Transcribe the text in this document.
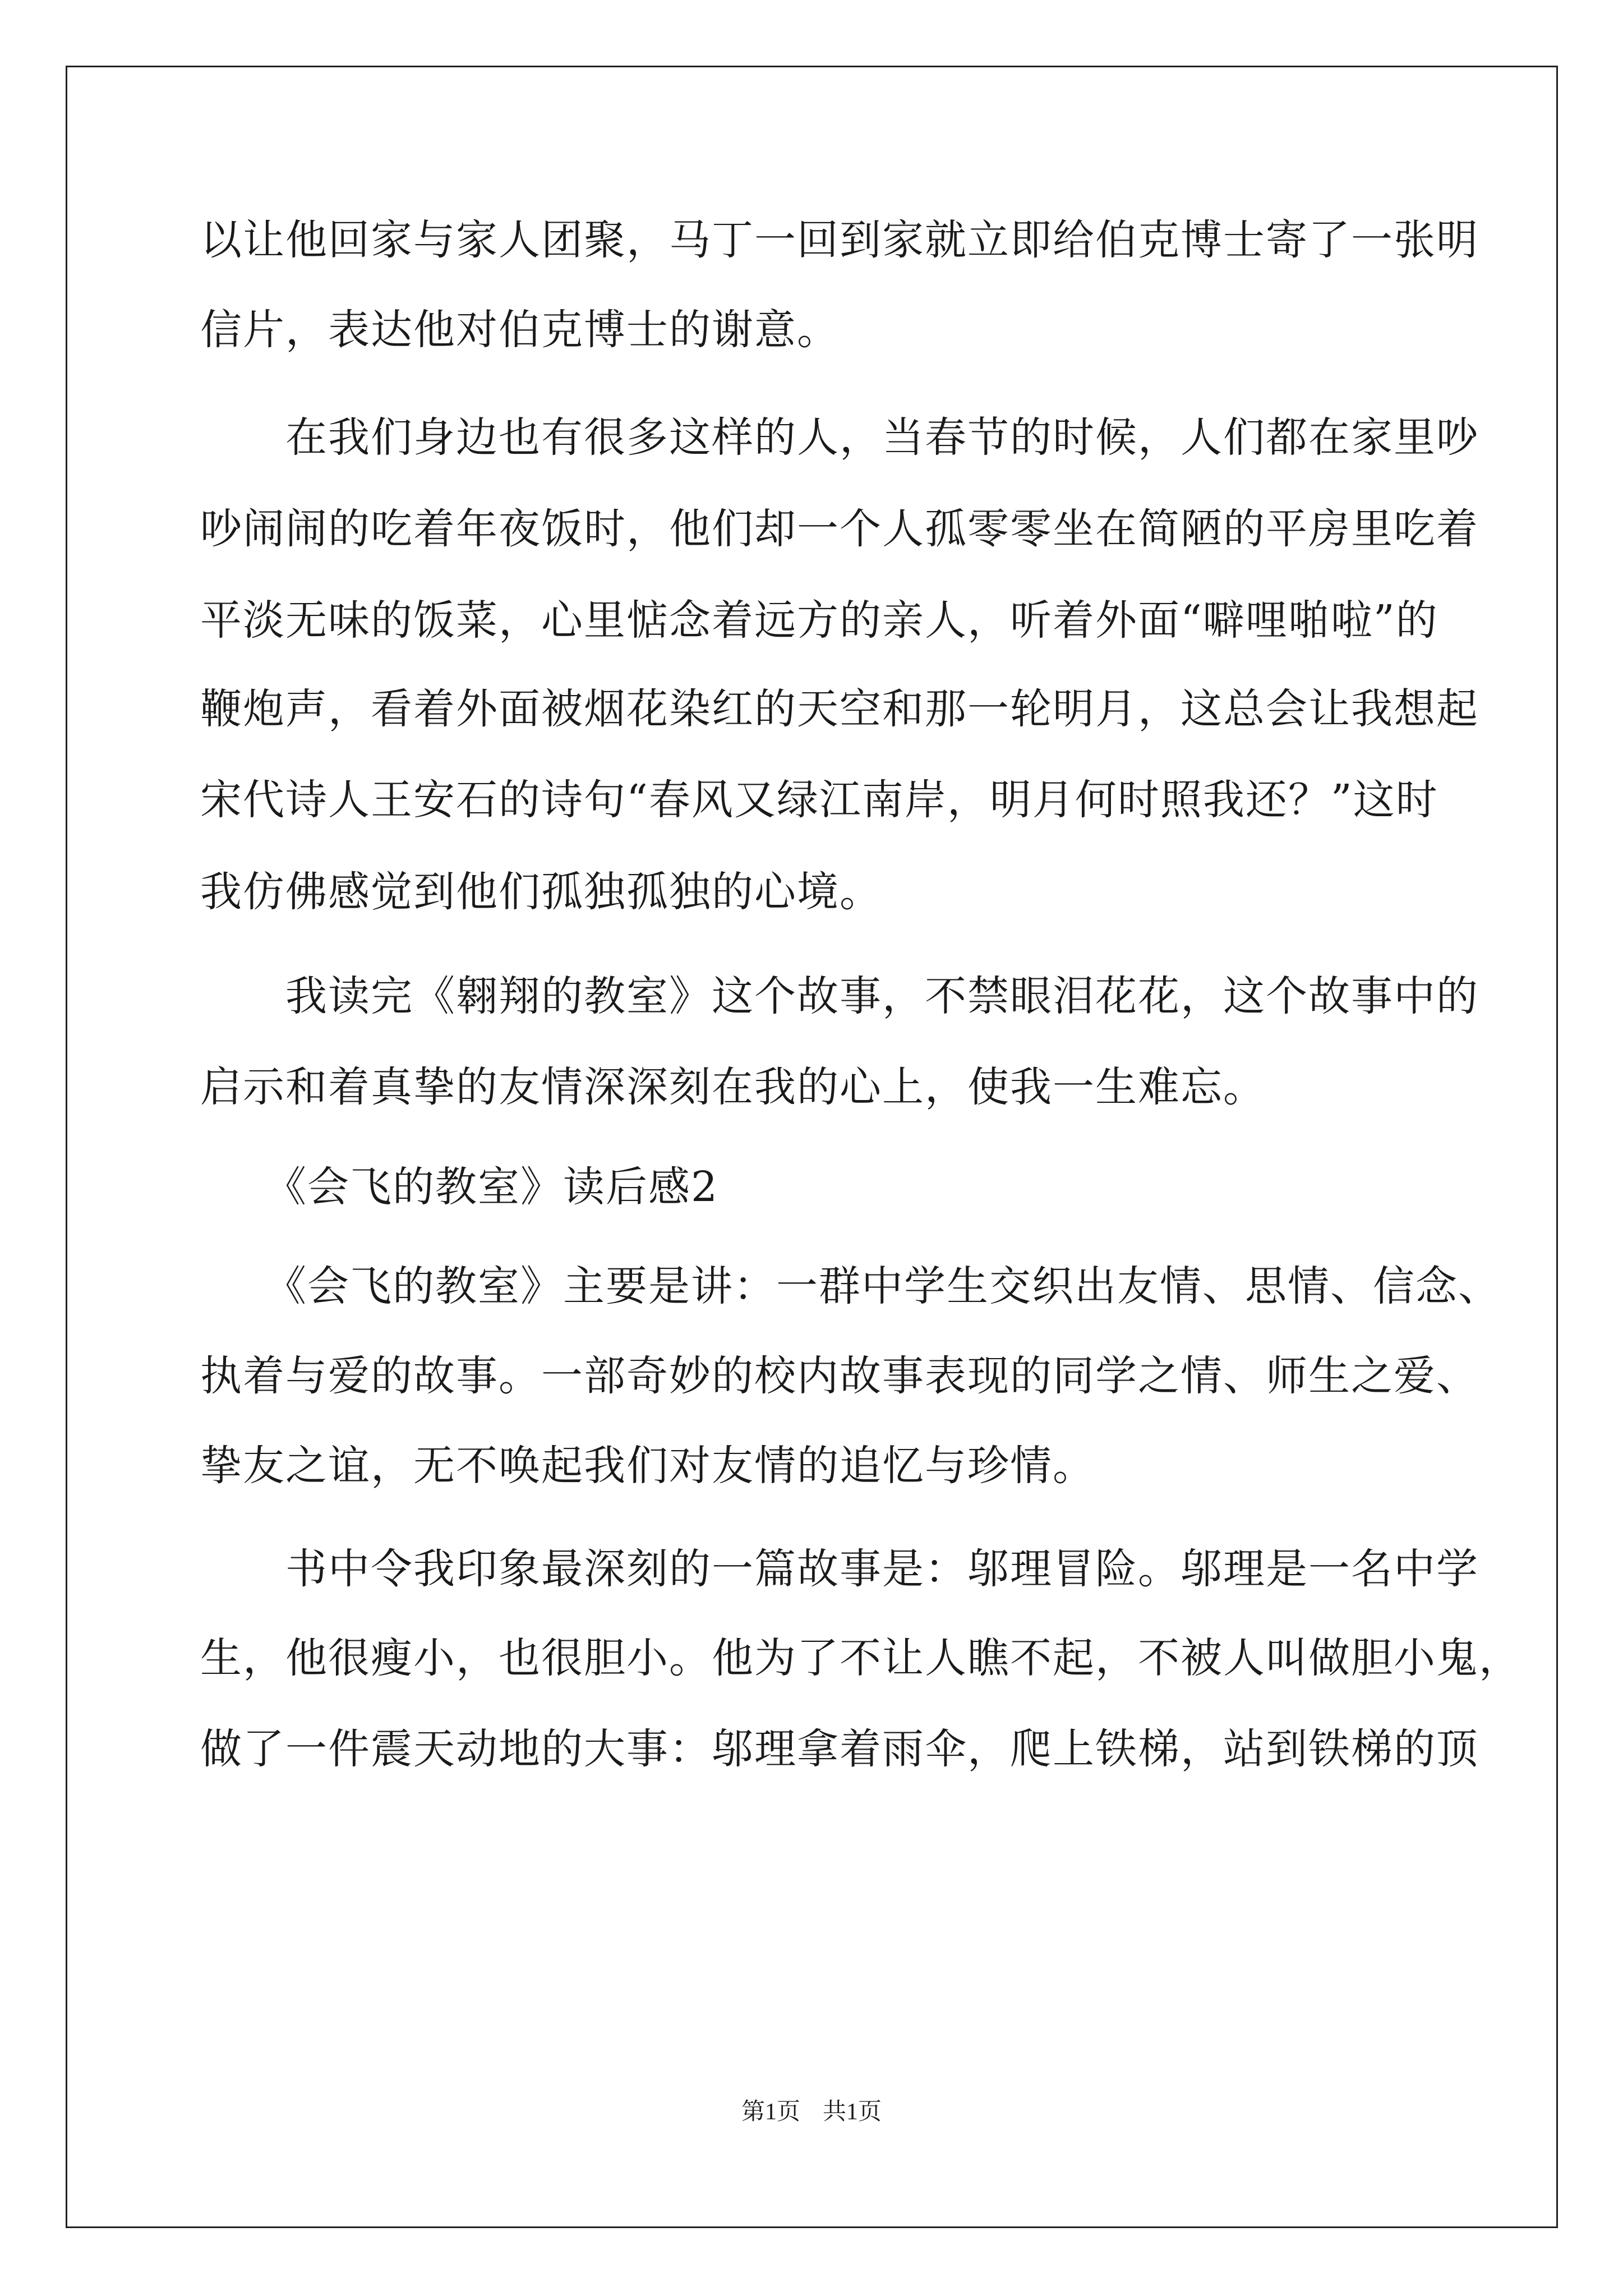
以让他回家与家人团聚，马丁一回到家就立即给伯克博士寄了一张明
信片，表达他对伯克博士的谢意。
　　在我们身边也有很多这样的人，当春节的时候，人们都在家里吵
吵闹闹的吃着年夜饭时，他们却一个人孤零零坐在简陋的平房里吃着
平淡无味的饭菜，心里惦念着远方的亲人，听着外面“噼哩啪啦”的
鞭炮声，看着外面被烟花染红的天空和那一轮明月，这总会让我想起
宋代诗人王安石的诗句“春风又绿江南岸，明月何时照我还？”这时
我仿佛感觉到他们孤独孤独的心境。
　　我读完《翱翔的教室》这个故事，不禁眼泪花花，这个故事中的
启示和着真挚的友情深深刻在我的心上，使我一生难忘。
　　《会飞的教室》读后感2
　　《会飞的教室》主要是讲：一群中学生交织出友情、思情、信念、
执着与爱的故事。一部奇妙的校内故事表现的同学之情、师生之爱、
挚友之谊，无不唤起我们对友情的追忆与珍情。
　　书中令我印象最深刻的一篇故事是：邬理冒险。邬理是一名中学
生，他很瘦小，也很胆小。他为了不让人瞧不起，不被人叫做胆小鬼，
做了一件震天动地的大事：邬理拿着雨伞，爬上铁梯，站到铁梯的顶
第1页 共1页
